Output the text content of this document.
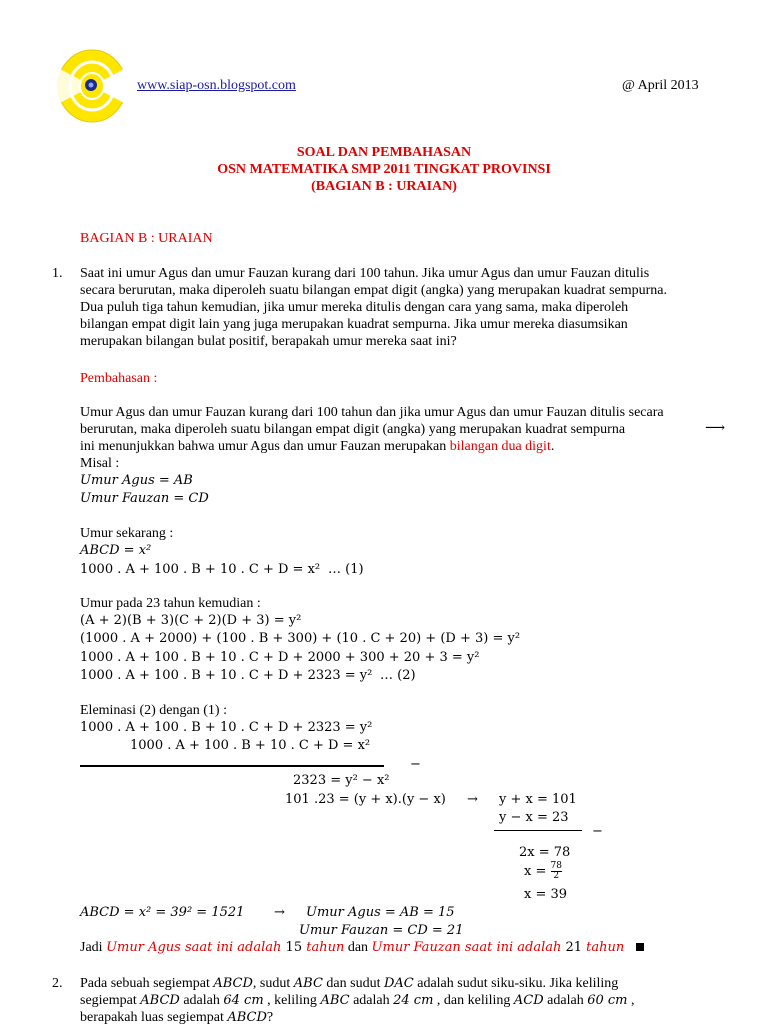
www.siap-osn.blogspot.com	@ April 2013
SOAL DAN PEMBAHASAN
OSN MATEMATIKA SMP 2011 TINGKAT PROVINSI
(BAGIAN B : URAIAN)
BAGIAN B : URAIAN
1. Saat ini umur Agus dan umur Fauzan kurang dari 100 tahun. Jika umur Agus dan umur Fauzan ditulis
secara berurutan, maka diperoleh suatu bilangan empat digit (angka) yang merupakan kuadrat sempurna.
Dua puluh tiga tahun kemudian, jika umur mereka ditulis dengan cara yang sama, maka diperoleh
bilangan empat digit lain yang juga merupakan kuadrat sempurna. Jika umur mereka diasumsikan
merupakan bilangan bulat positif, berapakah umur mereka saat ini?
Pembahasan :
Umur Agus dan umur Fauzan kurang dari 100 tahun dan jika umur Agus dan umur Fauzan ditulis secara
berurutan, maka diperoleh suatu bilangan empat digit (angka) yang merupakan kuadrat sempurna	⟶
ini menunjukkan bahwa umur Agus dan umur Fauzan merupakan bilangan dua digit.
Misal :
Umur Agus = AB
Umur Fauzan = CD
Umur sekarang :
ABCD = x²
1000 . A + 100 . B + 10 . C + D = x² … (1)
Umur pada 23 tahun kemudian :
(A + 2)(B + 3)(C + 2)(D + 3) = y²
(1000 . A + 2000) + (100 . B + 300) + (10 . C + 20) + (D + 3) = y²
1000 . A + 100 . B + 10 . C + D + 2000 + 300 + 20 + 3 = y²
1000 . A + 100 . B + 10 . C + D + 2323 = y² … (2)
Eleminasi (2) dengan (1) :
1000 . A + 100 . B + 10 . C + D + 2323 = y²
1000 . A + 100 . B + 10 . C + D = x²
−
2323 = y² − x²
101 .23 = (y + x).(y − x) → y + x = 101
y − x = 23
−
2x = 78
$x = \frac{78}{2}$
x = 39
ABCD = x² = 39² = 1521 → Umur Agus = AB = 15
Umur Fauzan = CD = 21
Jadi Umur Agus saat ini adalah 15 tahun dan Umur Fauzan saat ini adalah 21 tahun
2. Pada sebuah segiempat ABCD, sudut ABC dan sudut DAC adalah sudut siku-siku. Jika keliling
segiempat ABCD adalah 64 cm , keliling ABC adalah 24 cm , dan keliling ACD adalah 60 cm ,
berapakah luas segiempat ABCD?
